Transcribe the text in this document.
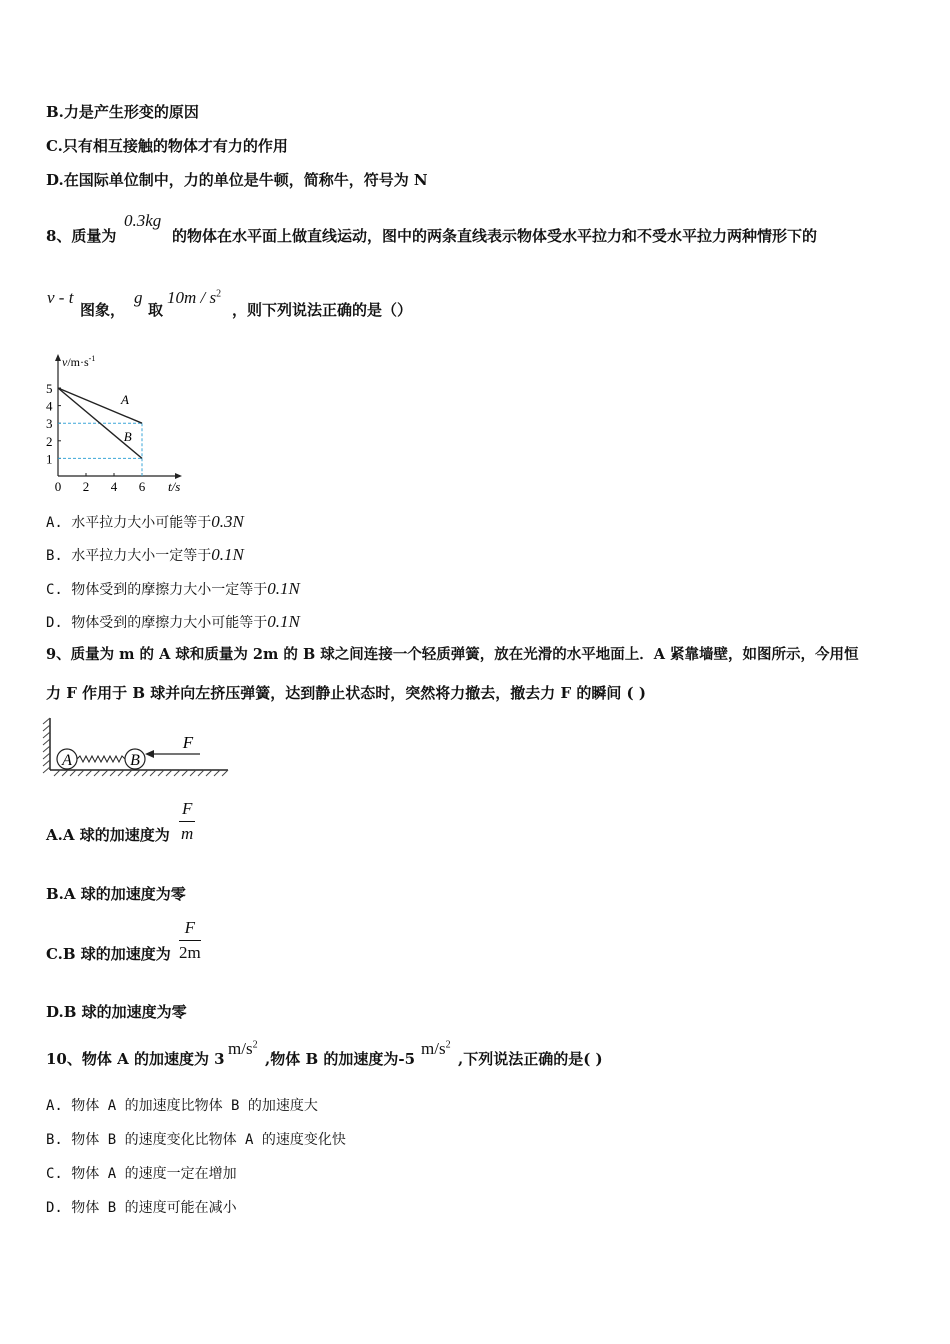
B.力是产生形变的原因
C.只有相互接触的物体才有力的作用
D.在国际单位制中，力的单位是牛顿，简称牛，符号为 N
8、质量为
0.3kg
的物体在水平面上做直线运动，图中的两条直线表示物体受水平拉力和不受水平拉力两种情形下的
v - t
图象，
g
取
$10m / s^2$
，则下列说法正确的是（）
$v/m\cdot s^{-1}$
t/s
1
2
3
4
5
0 2 4 6
A
B
A. 水平拉力大小可能等于0.3N
B. 水平拉力大小一定等于0.1N
C. 物体受到的摩擦力大小一定等于0.1N
D. 物体受到的摩擦力大小可能等于0.1N
9、质量为 m 的 A 球和质量为 2m 的 B 球之间连接一个轻质弹簧，放在光滑的水平地面上．A 紧靠墙壁，如图所示，今用恒
力 F 作用于 B 球并向左挤压弹簧，达到静止状态时，突然将力撤去，撤去力 F 的瞬间 ( )
A	B
F
A.A 球的加速度为 $\frac{F}{m}$
B.A 球的加速度为零
C.B 球的加速度为 $\frac{F}{2m}$
D.B 球的加速度为零
10、物体 A 的加速度为 3
$m/s^2$
,物体 B 的加速度为-5
$m/s^2$
,下列说法正确的是( )
A. 物体 A 的加速度比物体 B 的加速度大
B. 物体 B 的速度变化比物体 A 的速度变化快
C. 物体 A 的速度一定在增加
D. 物体 B 的速度可能在减小
